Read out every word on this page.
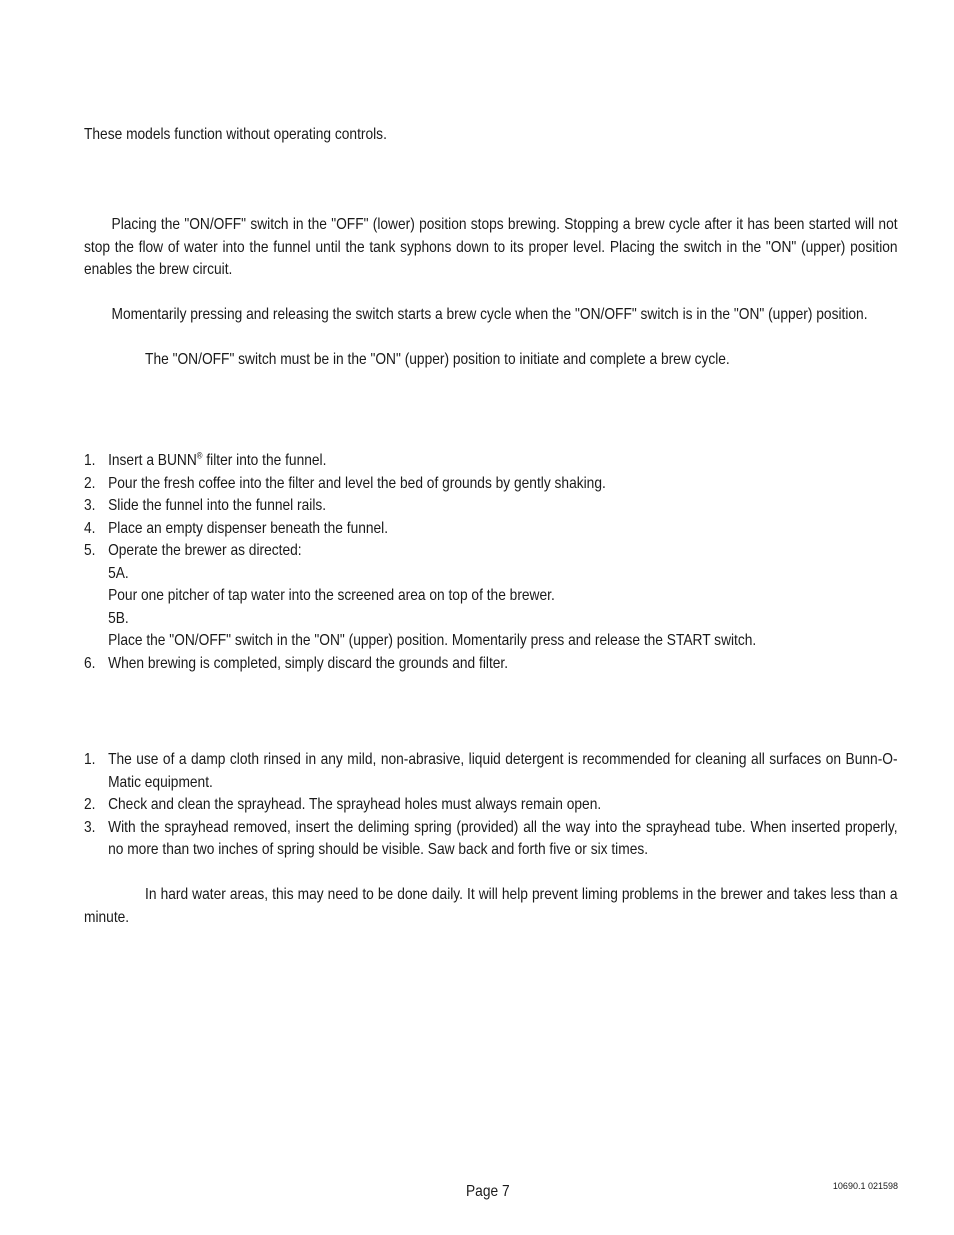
These models function without operating controls.

Placing the "ON/OFF" switch in the "OFF" (lower) position stops brewing. Stopping a brew cycle after it has been started will not stop the flow of water into the funnel until the tank syphons down to its proper level. Placing the switch in the "ON" (upper) position enables the brew circuit.

Momentarily pressing and releasing the switch starts a brew cycle when the "ON/OFF" switch is in the "ON" (upper) position.

The "ON/OFF" switch must be in the "ON" (upper) position to initiate and complete a brew cycle.

1. Insert a BUNN® filter into the funnel.
2. Pour the fresh coffee into the filter and level the bed of grounds by gently shaking.
3. Slide the funnel into the funnel rails.
4. Place an empty dispenser beneath the funnel.
5. Operate the brewer as directed:
5A.
Pour one pitcher of tap water into the screened area on top of the brewer.
5B.
Place the "ON/OFF" switch in the "ON" (upper) position. Momentarily press and release the START switch.
6. When brewing is completed, simply discard the grounds and filter.
1. The use of a damp cloth rinsed in any mild, non-abrasive, liquid detergent is recommended for cleaning all surfaces on Bunn-O-Matic equipment.
2. Check and clean the sprayhead. The sprayhead holes must always remain open.
3. With the sprayhead removed, insert the deliming spring (provided) all the way into the sprayhead tube. When inserted properly, no more than two inches of spring should be visible. Saw back and forth five or six times.

In hard water areas, this may need to be done daily. It will help prevent liming problems in the brewer and takes less than a minute.

Page 7	10690.1 021598
